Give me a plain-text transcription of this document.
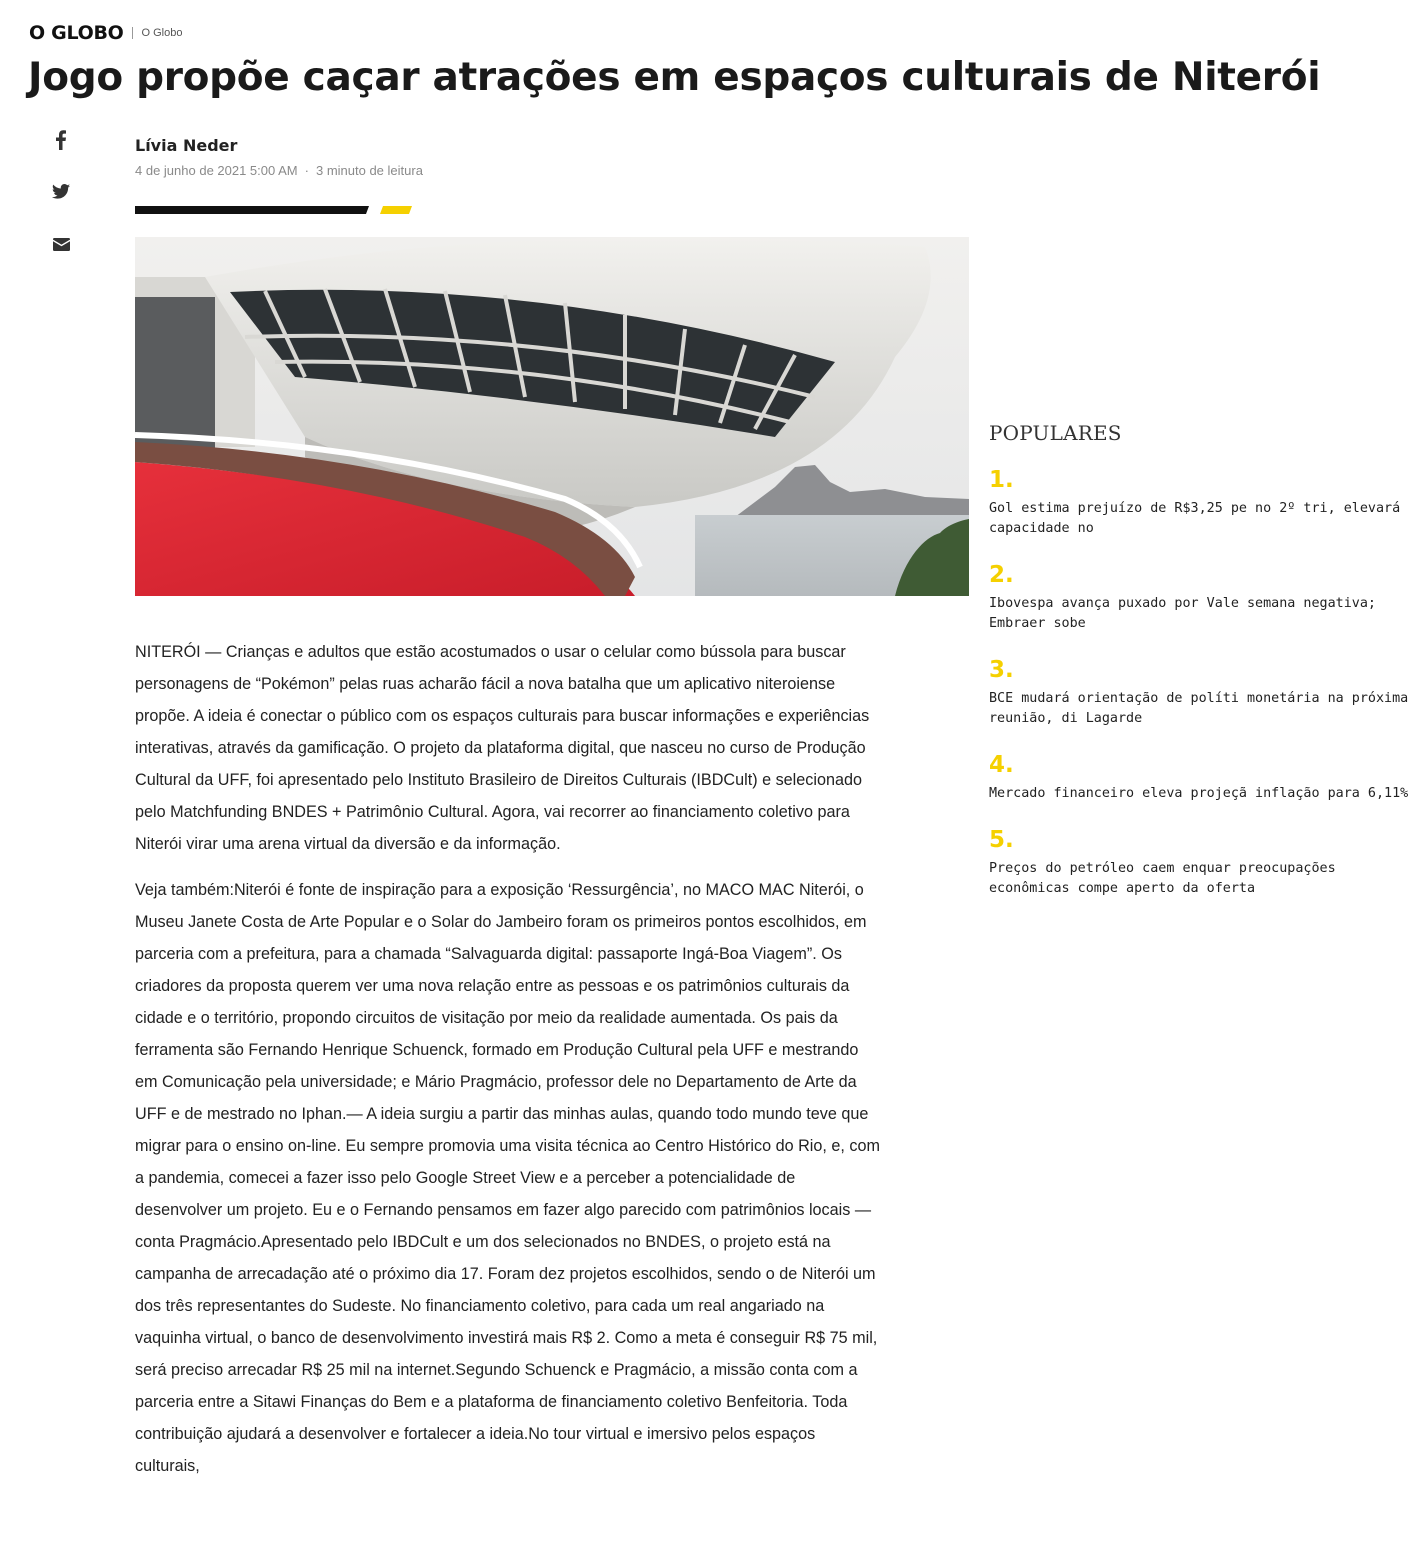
O GLOBO O Globo
Jogo propõe caçar atrações em espaços culturais de Niterói
Lívia Neder
4 de junho de 2021 5:00 AM · 3 minuto de leitura

NITERÓI — Crianças e adultos que estão acostumados o usar o celular como bússola para buscar personagens de “Pokémon” pelas ruas acharão fácil a nova batalha que um aplicativo niteroiense propõe. A ideia é conectar o público com os espaços culturais para buscar informações e experiências interativas, através da gamificação. O projeto da plataforma digital, que nasceu no curso de Produção Cultural da UFF, foi apresentado pelo Instituto Brasileiro de Direitos Culturais (IBDCult) e selecionado pelo Matchfunding BNDES + Patrimônio Cultural. Agora, vai recorrer ao financiamento coletivo para Niterói virar uma arena virtual da diversão e da informação.

Veja também:Niterói é fonte de inspiração para a exposição ‘Ressurgência’, no MACO MAC Niterói, o Museu Janete Costa de Arte Popular e o Solar do Jambeiro foram os primeiros pontos escolhidos, em parceria com a prefeitura, para a chamada “Salvaguarda digital: passaporte Ingá-Boa Viagem”. Os criadores da proposta querem ver uma nova relação entre as pessoas e os patrimônios culturais da cidade e o território, propondo circuitos de visitação por meio da realidade aumentada. Os pais da ferramenta são Fernando Henrique Schuenck, formado em Produção Cultural pela UFF e mestrando em Comunicação pela universidade; e Mário Pragmácio, professor dele no Departamento de Arte da UFF e de mestrado no Iphan.— A ideia surgiu a partir das minhas aulas, quando todo mundo teve que migrar para o ensino on-line. Eu sempre promovia uma visita técnica ao Centro Histórico do Rio, e, com a pandemia, comecei a fazer isso pelo Google Street View e a perceber a potencialidade de desenvolver um projeto. Eu e o Fernando pensamos em fazer algo parecido com patrimônios locais — conta Pragmácio.Apresentado pelo IBDCult e um dos selecionados no BNDES, o projeto está na campanha de arrecadação até o próximo dia 17. Foram dez projetos escolhidos, sendo o de Niterói um dos três representantes do Sudeste. No financiamento coletivo, para cada um real angariado na vaquinha virtual, o banco de desenvolvimento investirá mais R$ 2. Como a meta é conseguir R$ 75 mil, será preciso arrecadar R$ 25 mil na internet.Segundo Schuenck e Pragmácio, a missão conta com a parceria entre a Sitawi Finanças do Bem e a plataforma de financiamento coletivo Benfeitoria. Toda contribuição ajudará a desenvolver e fortalecer a ideia.No tour virtual e imersivo pelos espaços culturais,

POPULARES
1.
Gol estima prejuízo de R$3,25 pe no 2º tri, elevará capacidade no
2.
Ibovespa avança puxado por Vale semana negativa; Embraer sobe
3.
BCE mudará orientação de políti monetária na próxima reunião, di Lagarde
4.
Mercado financeiro eleva projeçã inflação para 6,11%
5.
Preços do petróleo caem enquar preocupações econômicas compe aperto da oferta
